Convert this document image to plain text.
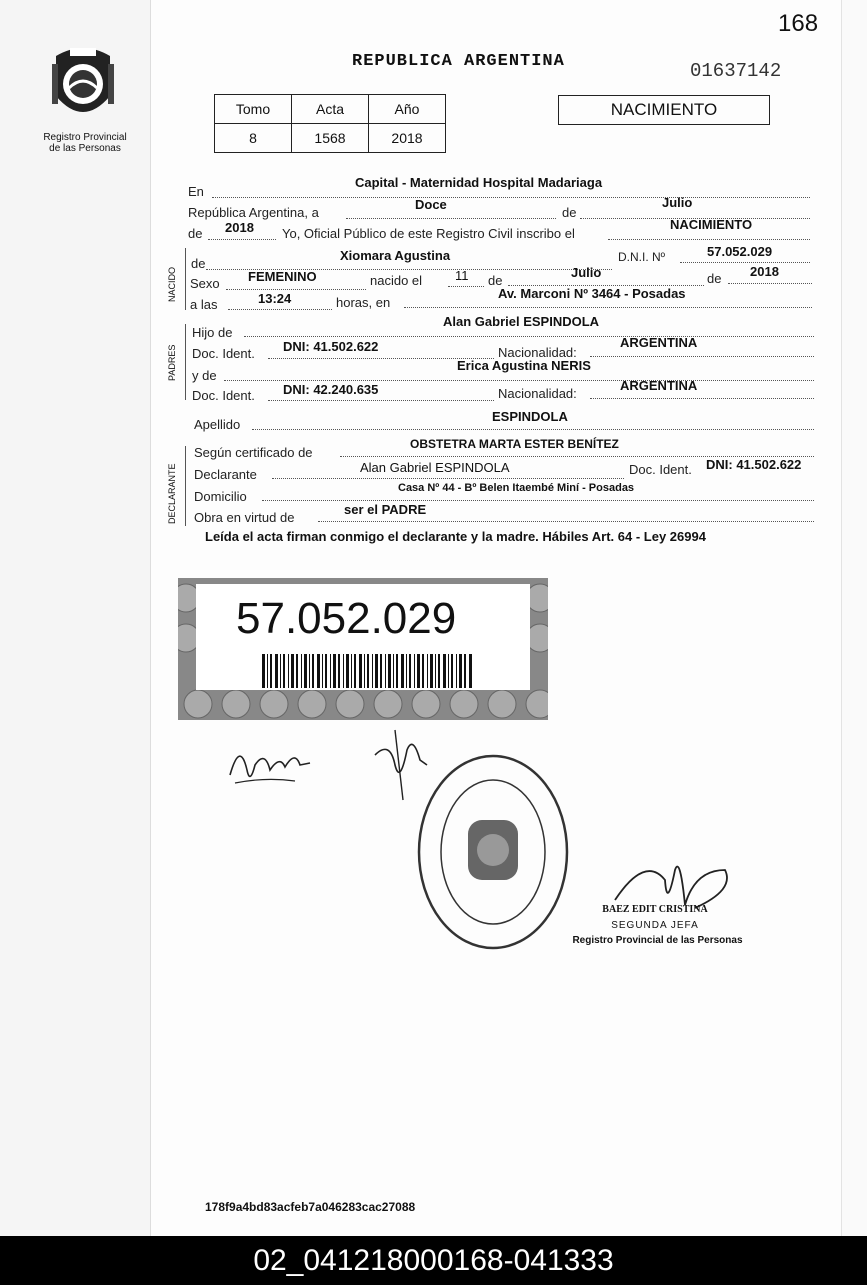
168
Registro Provincial
de las Personas
REPUBLICA ARGENTINA	01637142
Tomo	Acta	Año
8	1568	2018
NACIMIENTO
En
Capital - Maternidad Hospital Madariaga
República Argentina, a
Doce
de
Julio
de 2018 Yo, Oficial Público de este Registro Civil inscribo el
NACIMIENTO
NACIDO
de
Xiomara Agustina	D.N.I. Nº	57.052.029
Sexo FEMENINO	nacido el	11 de
Julio	de 2018
a las	13:24	horas, en
Av. Marconi Nº 3464 - Posadas
PADRES
Hijo de
Alan Gabriel ESPINDOLA
Doc. Ident. DNI: 41.502.622	Nacionalidad:
ARGENTINA
y de
Erica Agustina NERIS
Doc. Ident. DNI: 42.240.635	Nacionalidad:
ARGENTINA
Apellido
ESPINDOLA
DECLARANTE
Según certificado de
OBSTETRA MARTA ESTER BENÍTEZ
Declarante	Alan Gabriel ESPINDOLA	Doc. Ident. DNI: 41.502.622
Domicilio
Casa Nº 44 - Bº Belen Itaembé Miní - Posadas
Obra en virtud de
ser el PADRE
Leída el acta firman conmigo el declarante y la madre. Hábiles Art. 64 - Ley 26994
57.052.029
BAEZ EDIT CRISTINA
SEGUNDA JEFA
Registro Provincial de las Personas
178f9a4bd83acfeb7a046283cac27088
02_041218000168-041333
